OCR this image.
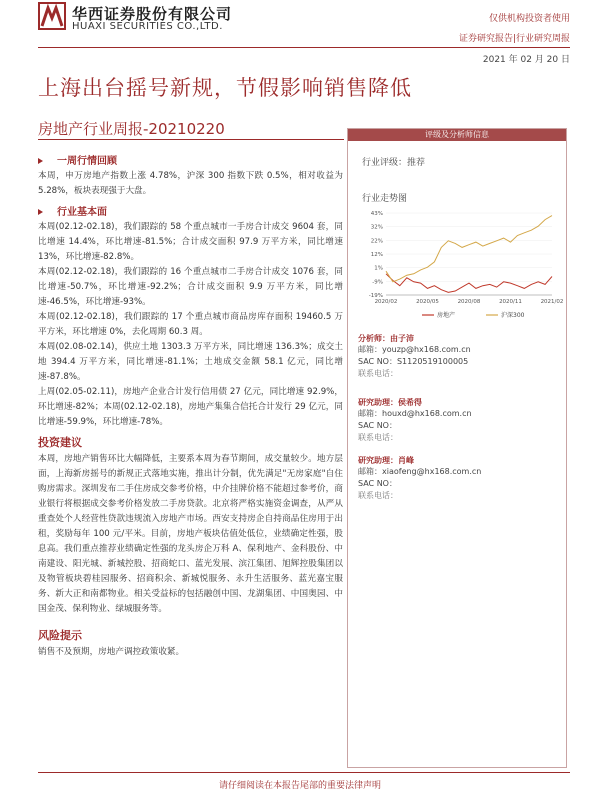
华西证券股份有限公司
HUAXI SECURITIES CO.,LTD.
仅供机构投资者使用
证券研究报告|行业研究周报
2021 年 02 月 20 日
上海出台摇号新规，节假影响销售降低
房地产行业周报-20210220
一周行情回顾
本周，申万房地产指数上涨 4.78%，沪深 300 指数下跌 0.5%，相对收益为 5.28%，板块表现强于大盘。
行业基本面
本周(02.12-02.18)，我们跟踪的 58 个重点城市一手房合计成交 9604 套，同比增速 14.4%，环比增速-81.5%；合计成交面积 97.9 万平方米，同比增速 13%，环比增速-82.8%。
本周(02.12-02.18)，我们跟踪的 16 个重点城市二手房合计成交 1076 套，同比增速-50.7%，环比增速-92.2%；合计成交面积 9.9 万平方米，同比增速-46.5%，环比增速-93%。
本周(02.12-02.18)，我们跟踪的 17 个重点城市商品房库存面积 19460.5 万平方米，环比增速 0%，去化周期 60.3 周。
本周(02.08-02.14)，供应土地 1303.3 万平方米，同比增速 136.3%；成交土地 394.4 万平方米，同比增速-81.1%；土地成交金额 58.1 亿元，同比增速-87.8%。
上周(02.05-02.11)，房地产企业合计发行信用债 27 亿元，同比增速 92.9%，环比增速-82%；本周(02.12-02.18)，房地产集集合信托合计发行 29 亿元，同比增速-59.9%，环比增速-78%。
投资建议
本周，房地产销售环比大幅降低，主要系本周为春节期间，成交量较少。地方层面，上海新房摇号的新规正式落地实施，推出计分制，优先满足"无房家庭"自住购房需求。深圳发布二手住房成交参考价格，中介挂牌价格不能超过参考价，商业银行将根据成交参考价格发放二手房贷款。北京将严格实施资金调查，从严从重查处个人经营性贷款违规流入房地产市场。西安支持房企自持商品住房用于出租，奖励每年 100 元/平米。目前，房地产板块估值处低位，业绩确定性强，股息高。我们重点推荐业绩确定性强的龙头房企万科 A、保利地产、金科股份、中南建设、阳光城、新城控股、招商蛇口、蓝光发展、滨江集团、旭辉控股集团以及物管板块碧桂园服务、招商积余、新城悦服务、永升生活服务、蓝光嘉宝服务、新大正和南都物业。相关受益标的包括融创中国、龙湖集团、中国奥园、中国金茂、保利物业、绿城服务等。
风险提示
销售不及预期，房地产调控政策收紧。
评级及分析师信息
行业评级：推荐
行业走势图
-19%
-9%
1%
12%
22%
32%
43%
2020/02	2020/05	2020/08	2020/11	2021/02
房地产	沪深300
分析师：由子沛
邮箱：youzp@hx168.com.cn
SAC NO：S1120519100005
联系电话：
研究助理：侯希得
邮箱：houxd@hx168.com.cn
SAC NO：
联系电话：
研究助理：肖峰
邮箱：xiaofeng@hx168.com.cn
SAC NO：
联系电话：
请仔细阅读在本报告尾部的重要法律声明
